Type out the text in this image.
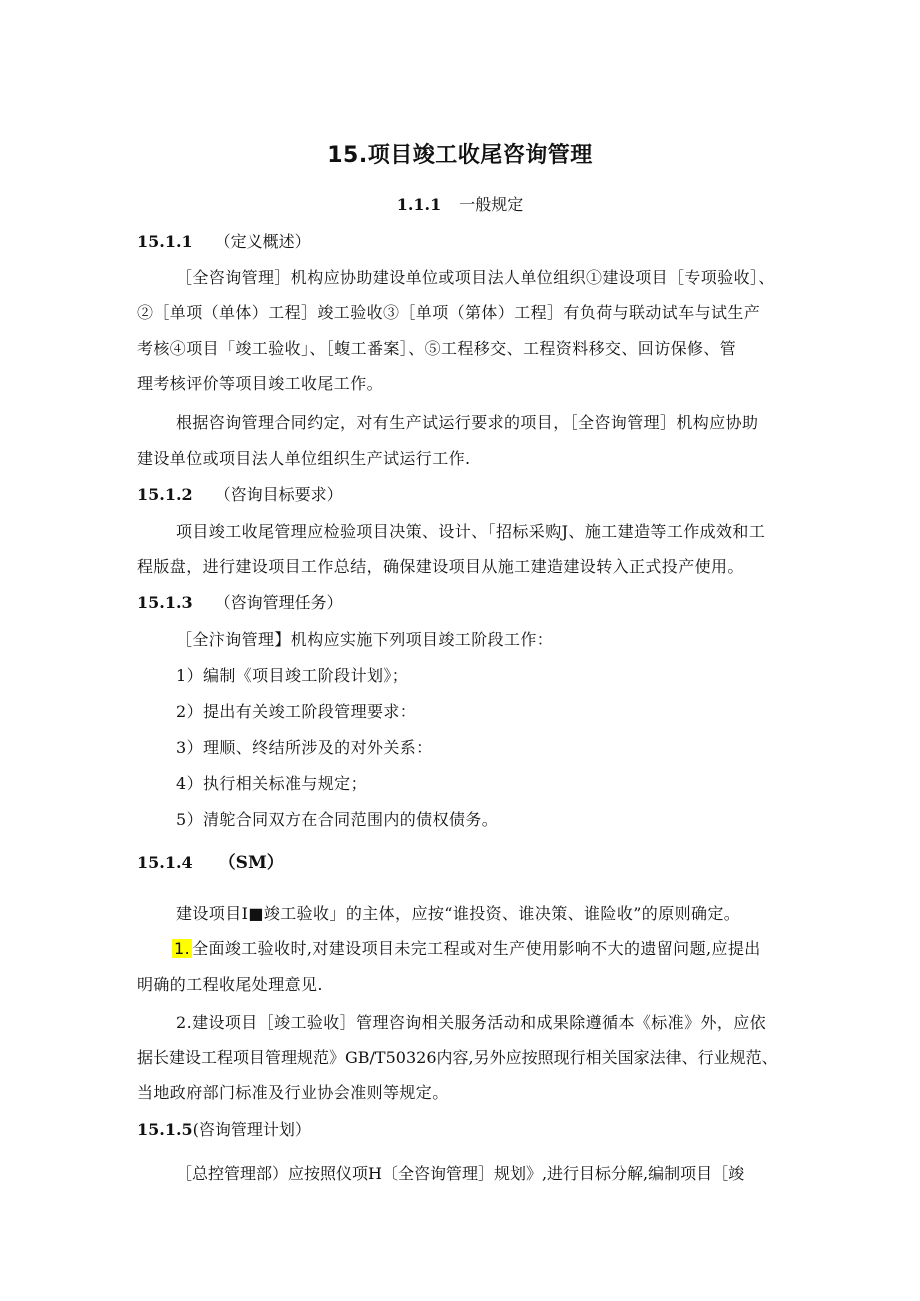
15.项目竣工收尾咨询管理
1.1.1 一般规定
15.1.1 （定义概述）
［全咨询管理］机构应协助建设单位或项目法人单位组织①建设项目［专项验收］、
②［单项（单体）工程］竣工验收③［单项（第体）工程］有负荷与联动试车与试生产
考核④项目「竣工验收」、［蝮工番案］、⑤工程移交、工程资料移交、回访保修、管
理考核评价等项目竣工收尾工作。
根据咨询管理合同约定，对有生产试运行要求的项目，［全咨询管理］机构应协助
建设单位或项目法人单位组织生产试运行工作.
15.1.2 （咨询目标要求）
项目竣工收尾管理应检验项目决策、设计、「招标采购J、施工建造等工作成效和工
程版盘，进行建设项目工作总结，确保建设项目从施工建造建设转入正式投产使用。
15.1.3 （咨询管理任务）
［全汴询管理】机构应实施下列项目竣工阶段工作：
1）编制《项目竣工阶段计划》；
2）提出有关竣工阶段管理要求：
3）理顺、终结所涉及的对外关系：
4）执行相关标准与规定；
5）清鸵合同双方在合同范围内的债权债务。
15.1.4 （SM）
建设项目I■竣工验收」的主体，应按“谁投资、谁决策、谁险收”的原则确定。
1. 全面竣工验收时,对建设项目未完工程或对生产使用影响不大的遗留问题,应提出
明确的工程收尾处理意见.
2.建设项目［竣工验收］管理咨询相关服务活动和成果除遵循本《标准》外，应依
据长建设工程项目管理规范》GB/T50326内容,另外应按照现行相关国家法律、行业规范、
当地政府部门标准及行业协会准则等规定。
15.1.5(咨询管理计划）
［总控管理部）应按照仪项H〔全咨询管理］规划》,进行目标分解,编制项目［竣
